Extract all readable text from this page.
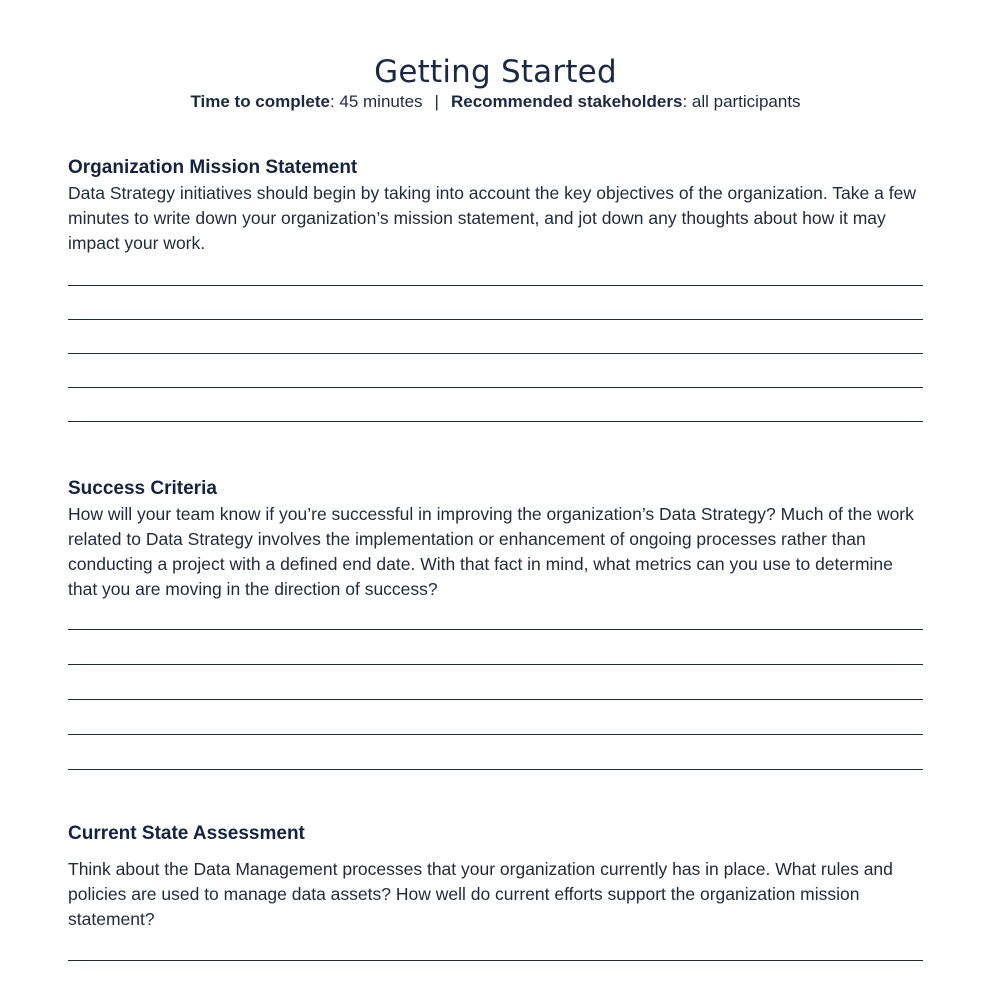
Getting Started
Time to complete: 45 minutes | Recommended stakeholders: all participants
Organization Mission Statement

Data Strategy initiatives should begin by taking into account the key objectives of the organization. Take a few minutes to write down your organization’s mission statement, and jot down any thoughts about how it may impact your work.

Success Criteria

How will your team know if you’re successful in improving the organization’s Data Strategy? Much of the work related to Data Strategy involves the implementation or enhancement of ongoing processes rather than conducting a project with a defined end date. With that fact in mind, what metrics can you use to determine that you are moving in the direction of success?

Current State Assessment

Think about the Data Management processes that your organization currently has in place. What rules and policies are used to manage data assets? How well do current efforts support the organization mission statement?
